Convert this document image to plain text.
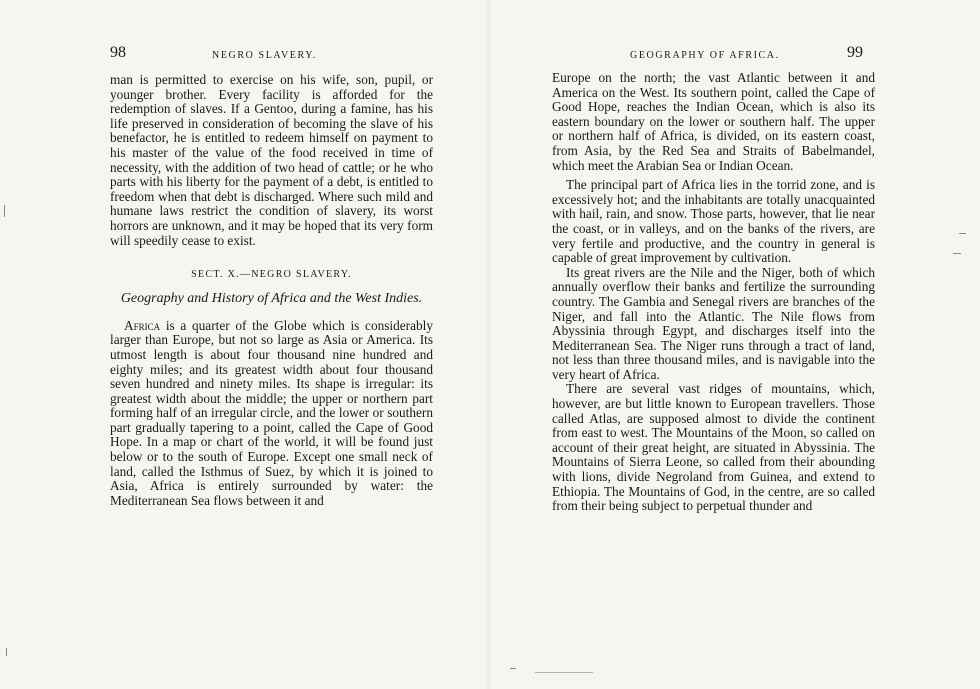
98	NEGRO SLAVERY.

man is permitted to exercise on his wife, son, pupil, or younger brother. Every facility is afforded for the redemption of slaves. If a Gentoo, during a famine, has his life preserved in consideration of becoming the slave of his benefactor, he is entitled to redeem himself on payment to his master of the value of the food received in time of necessity, with the addition of two head of cattle; or he who parts with his liberty for the payment of a debt, is entitled to freedom when that debt is discharged. Where such mild and humane laws restrict the condition of slavery, its worst horrors are unknown, and it may be hoped that its very form will speedily cease to exist.

SECT. X.—NEGRO SLAVERY.
Geography and History of Africa and the West Indies.

Africa is a quarter of the Globe which is considerably larger than Europe, but not so large as Asia or America. Its utmost length is about four thousand nine hundred and eighty miles; and its greatest width about four thousand seven hundred and ninety miles. Its shape is irregular: its greatest width about the middle; the upper or northern part forming half of an irregular circle, and the lower or southern part gradually tapering to a point, called the Cape of Good Hope. In a map or chart of the world, it will be found just below or to the south of Europe. Except one small neck of land, called the Isthmus of Suez, by which it is joined to Asia, Africa is entirely surrounded by water: the Mediterranean Sea flows between it and

GEOGRAPHY OF AFRICA.	99

Europe on the north; the vast Atlantic between it and America on the West. Its southern point, called the Cape of Good Hope, reaches the Indian Ocean, which is also its eastern boundary on the lower or southern half. The upper or northern half of Africa, is divided, on its eastern coast, from Asia, by the Red Sea and Straits of Babelmandel, which meet the Arabian Sea or Indian Ocean.

The principal part of Africa lies in the torrid zone, and is excessively hot; and the inhabitants are totally unacquainted with hail, rain, and snow. Those parts, however, that lie near the coast, or in valleys, and on the banks of the rivers, are very fertile and productive, and the country in general is capable of great improvement by cultivation.

Its great rivers are the Nile and the Niger, both of which annually overflow their banks and fertilize the surrounding country. The Gambia and Senegal rivers are branches of the Niger, and fall into the Atlantic. The Nile flows from Abyssinia through Egypt, and discharges itself into the Mediterranean Sea. The Niger runs through a tract of land, not less than three thousand miles, and is navigable into the very heart of Africa.

There are several vast ridges of mountains, which, however, are but little known to European travellers. Those called Atlas, are supposed almost to divide the continent from east to west. The Mountains of the Moon, so called on account of their great height, are situated in Abyssinia. The Mountains of Sierra Leone, so called from their abounding with lions, divide Negroland from Guinea, and extend to Ethiopia. The Mountains of God, in the centre, are so called from their being subject to perpetual thunder and
